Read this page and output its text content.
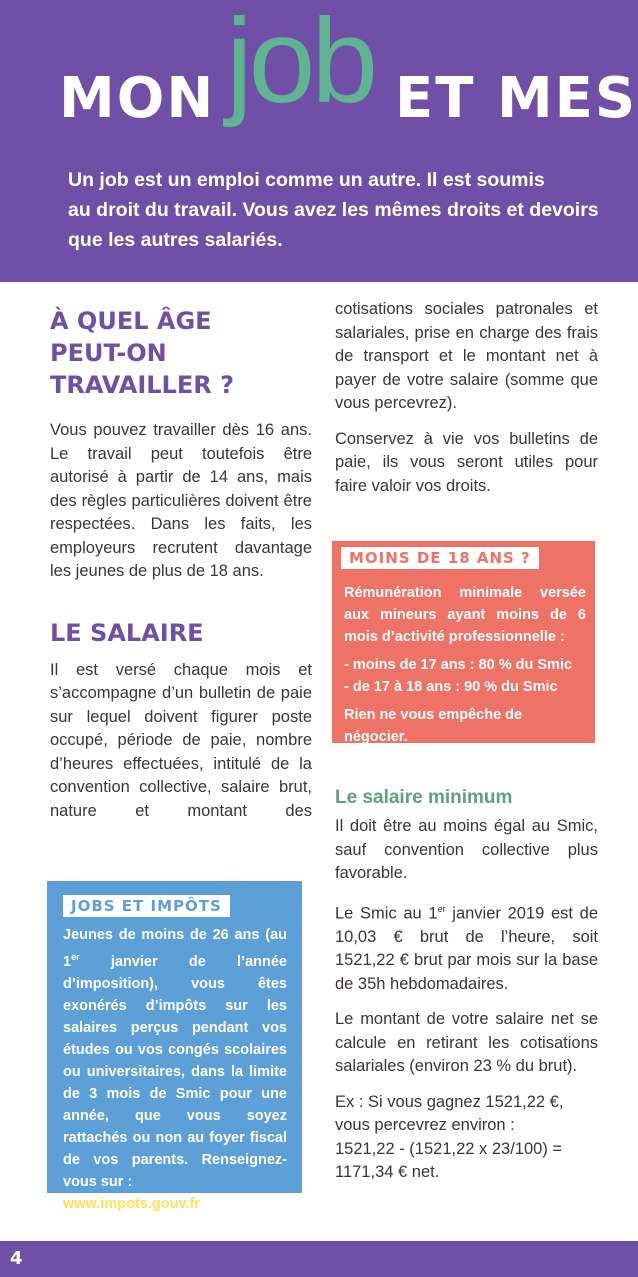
MON job ET MES
Un job est un emploi comme un autre. Il est soumis
au droit du travail. Vous avez les mêmes droits et devoirs
que les autres salariés.
À QUEL ÂGE
PEUT-ON
TRAVAILLER ?

Vous pouvez travailler dès 16 ans. Le travail peut toutefois être autorisé à partir de 14 ans, mais des règles particulières doivent être respectées. Dans les faits, les employeurs recrutent davantage les jeunes de plus de 18 ans.

LE SALAIRE

Il est versé chaque mois et s’accompagne d’un bulletin de paie sur lequel doivent figurer poste occupé, période de paie, nombre d’heures effectuées, intitulé de la convention collective, salaire brut, nature et montant des

JOBS ET IMPÔTS
Jeunes de moins de 26 ans (au 1er janvier de l’année d’imposition), vous êtes exonérés d’impôts sur les salaires perçus pendant vos études ou vos congés scolaires ou universitaires, dans la limite de 3 mois de Smic pour une année, que vous soyez rattachés ou non au foyer fiscal de vos parents. Renseignez-vous sur :
www.impots.gouv.fr

cotisations sociales patronales et salariales, prise en charge des frais de transport et le montant net à payer de votre salaire (somme que vous percevrez).

Conservez à vie vos bulletins de paie, ils vous seront utiles pour faire valoir vos droits.

MOINS DE 18 ANS ?

Rémunération minimale versée aux mineurs ayant moins de 6 mois d’activité professionnelle :

- moins de 17 ans : 80 % du Smic

- de 17 à 18 ans : 90 % du Smic

Rien ne vous empêche de négocier.

Le salaire minimum

Il doit être au moins égal au Smic, sauf convention collective plus favorable.

Le Smic au 1er janvier 2019 est de 10,03 € brut de l’heure, soit 1521,22 € brut par mois sur la base de 35h hebdomadaires.

Le montant de votre salaire net se calcule en retirant les cotisations salariales (environ 23 % du brut).

Ex : Si vous gagnez 1521,22 €,
vous percevrez environ :
1521,22 - (1521,22 x 23/100) =
1171,34 € net.
4
